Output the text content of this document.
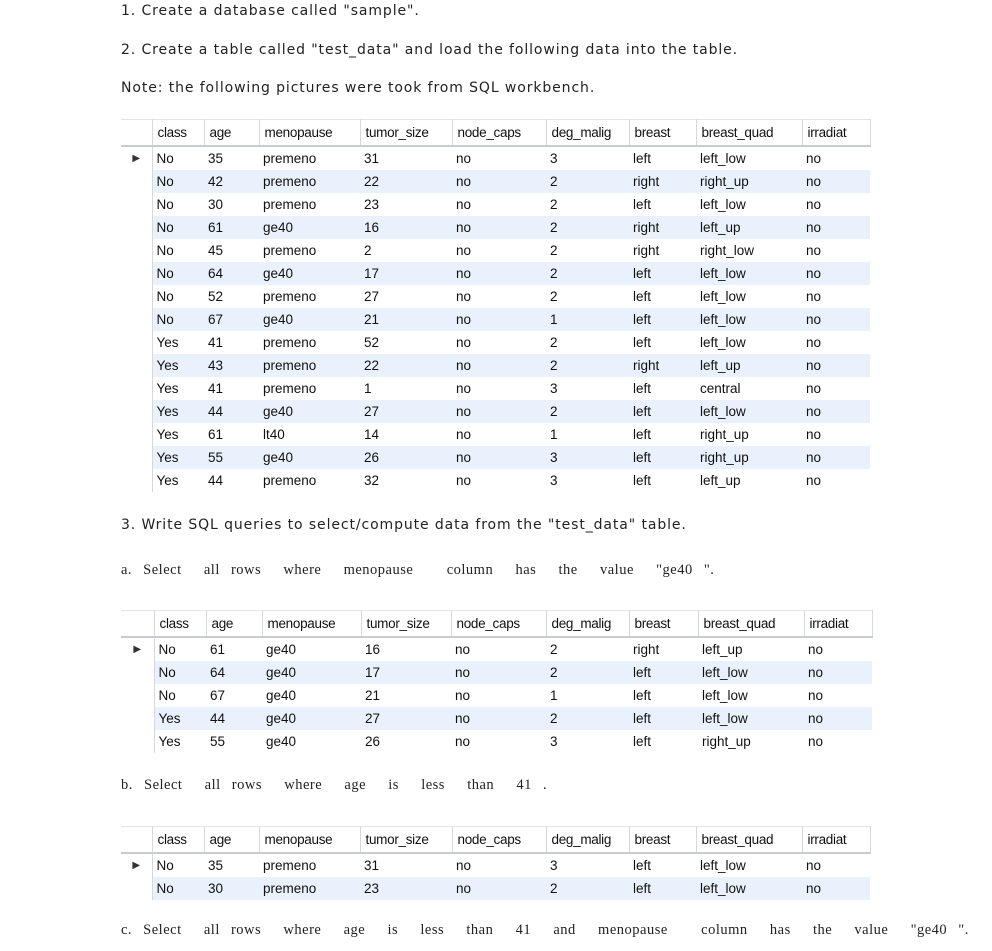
1. Create a database called "sample".

2. Create a table called "test_data" and load the following data into the table.

Note: the following pictures were took from SQL workbench.

	class	age	menopause	tumor_size	node_caps	deg_malig	breast	breast_quad	irradiat
▶	No	35	premeno	31	no	3	left	left_low	no
	No	42	premeno	22	no	2	right	right_up	no
	No	30	premeno	23	no	2	left	left_low	no
	No	61	ge40	16	no	2	right	left_up	no
	No	45	premeno	2	no	2	right	right_low	no
	No	64	ge40	17	no	2	left	left_low	no
	No	52	premeno	27	no	2	left	left_low	no
	No	67	ge40	21	no	1	left	left_low	no
	Yes	41	premeno	52	no	2	left	left_low	no
	Yes	43	premeno	22	no	2	right	left_up	no
	Yes	41	premeno	1	no	3	left	central	no
	Yes	44	ge40	27	no	2	left	left_low	no
	Yes	61	lt40	14	no	1	left	right_up	no
	Yes	55	ge40	26	no	3	left	right_up	no
	Yes	44	premeno	32	no	3	left	left_up	no

3. Write SQL queries to select/compute data from the "test_data" table.

a. Select  all rows  where  menopause   column  has  the  value  "ge40 ".

	class	age	menopause	tumor_size	node_caps	deg_malig	breast	breast_quad	irradiat
▶	No	61	ge40	16	no	2	right	left_up	no
	No	64	ge40	17	no	2	left	left_low	no
	No	67	ge40	21	no	1	left	left_low	no
	Yes	44	ge40	27	no	2	left	left_low	no
	Yes	55	ge40	26	no	3	left	right_up	no

b. Select  all rows  where  age  is  less  than  41 .

	class	age	menopause	tumor_size	node_caps	deg_malig	breast	breast_quad	irradiat
▶	No	35	premeno	31	no	3	left	left_low	no
	No	30	premeno	23	no	2	left	left_low	no

c. Select  all rows  where  age  is  less  than  41  and  menopause   column  has  the  value  "ge40 ".
